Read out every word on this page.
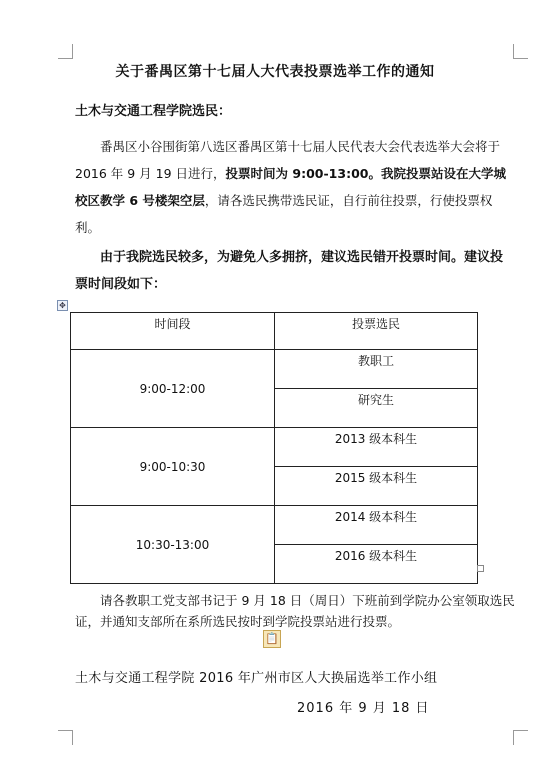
关于番禺区第十七届人大代表投票选举工作的通知
土木与交通工程学院选民：
番禺区小谷围街第八选区番禺区第十七届人民代表大会代表选举大会将于 2016 年 9 月 19 日进行，投票时间为 9:00-13:00。我院投票站设在大学城校区教学 6 号楼架空层，请各选民携带选民证，自行前往投票，行使投票权利。
由于我院选民较多，为避免人多拥挤，建议选民错开投票时间。建议投票时间段如下：
✥
时间段	投票选民
9:00-12:00	教职工
	研究生
9:00-10:30	2013 级本科生
	2015 级本科生
10:30-13:00	2014 级本科生
	2016 级本科生
请各教职工党支部书记于 9 月 18 日（周日）下班前到学院办公室领取选民证，并通知支部所在系所选民按时到学院投票站进行投票。
📋
土木与交通工程学院 2016 年广州市区人大换届选举工作小组
2016 年 9 月 18 日
